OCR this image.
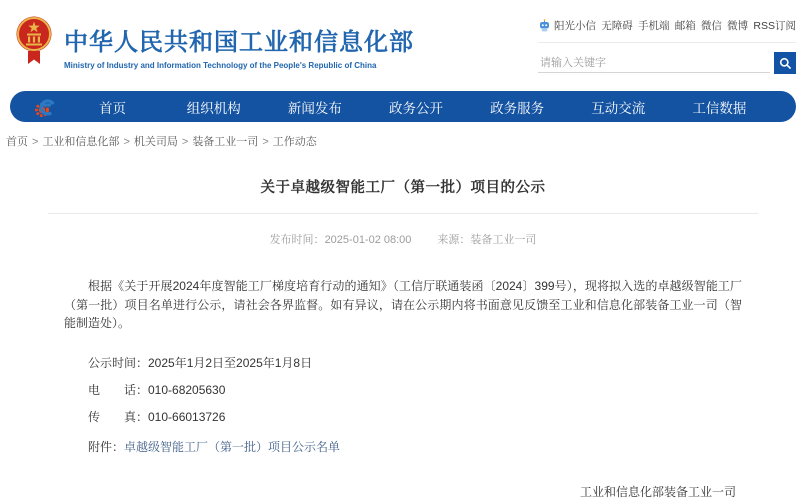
中华人民共和国工业和信息化部
Ministry of Industry and Information Technology of the People's Republic of China
阳光小信 无障碍 手机端 邮箱 微信 微博 RSS订阅
请输入关键字
首页	组织机构	新闻发布	政务公开	政务服务	互动交流	工信数据
首页 > 工业和信息化部 > 机关司局 > 装备工业一司 > 工作动态
关于卓越级智能工厂（第一批）项目的公示
发布时间：2025-01-02 08:00 来源：装备工业一司

根据《关于开展2024年度智能工厂梯度培育行动的通知》（工信厅联通装函〔2024〕399号），现将拟入选的卓越级智能工厂（第一批）项目名单进行公示，请社会各界监督。如有异议，请在公示期内将书面意见反馈至工业和信息化部装备工业一司（智能制造处）。

公示时间：2025年1月2日至2025年1月8日

电　　话：010-68205630

传　　真：010-66013726

附件：卓越级智能工厂（第一批）项目公示名单

工业和信息化部装备工业一司
